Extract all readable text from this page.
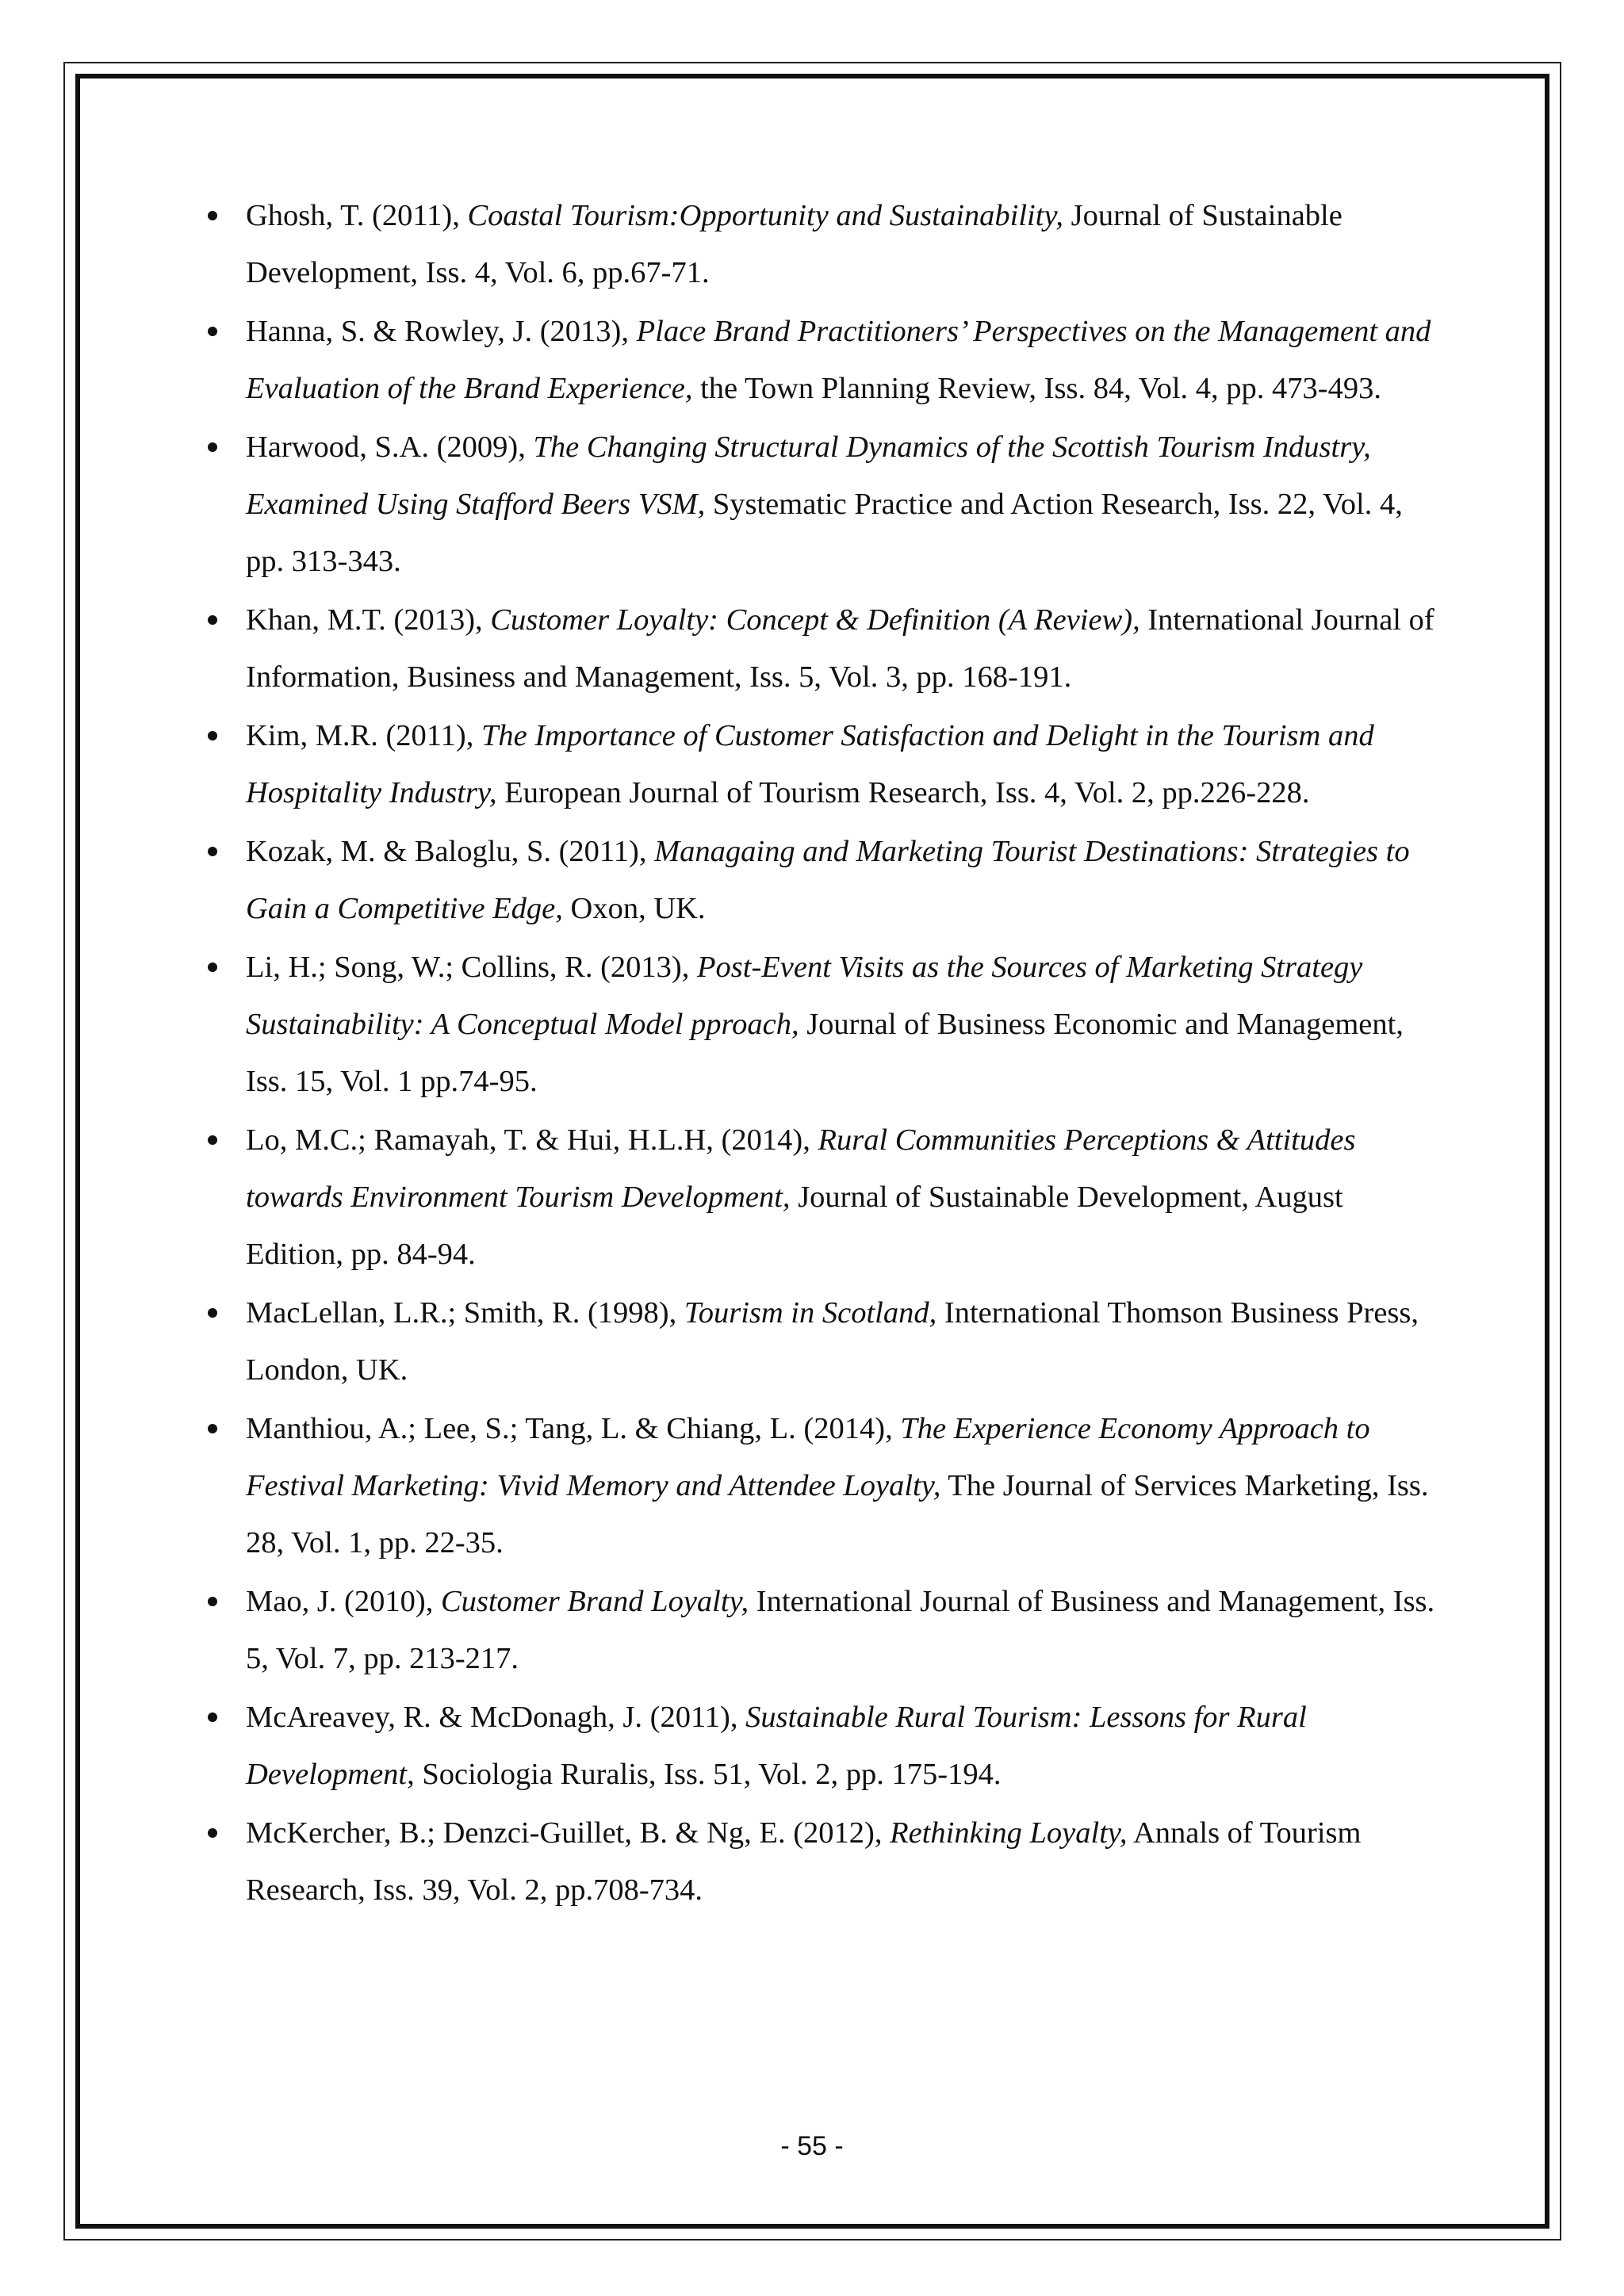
Ghosh, T. (2011), Coastal Tourism:Opportunity and Sustainability, Journal of Sustainable Development, Iss. 4, Vol. 6, pp.67-71.
Hanna, S. & Rowley, J. (2013), Place Brand Practitioners’ Perspectives on the Management and Evaluation of the Brand Experience, the Town Planning Review, Iss. 84, Vol. 4, pp. 473-493.
Harwood, S.A. (2009), The Changing Structural Dynamics of the Scottish Tourism Industry, Examined Using Stafford Beers VSM, Systematic Practice and Action Research, Iss. 22, Vol. 4, pp. 313-343.
Khan, M.T. (2013), Customer Loyalty: Concept & Definition (A Review), International Journal of Information, Business and Management, Iss. 5, Vol. 3, pp. 168-191.
Kim, M.R. (2011), The Importance of Customer Satisfaction and Delight in the Tourism and Hospitality Industry, European Journal of Tourism Research, Iss. 4, Vol. 2, pp.226-228.
Kozak, M. & Baloglu, S. (2011), Managaing and Marketing Tourist Destinations: Strategies to Gain a Competitive Edge, Oxon, UK.
Li, H.; Song, W.; Collins, R. (2013), Post-Event Visits as the Sources of Marketing Strategy Sustainability: A Conceptual Model pproach, Journal of Business Economic and Management, Iss. 15, Vol. 1 pp.74-95.
Lo, M.C.; Ramayah, T. & Hui, H.L.H, (2014), Rural Communities Perceptions & Attitudes towards Environment Tourism Development, Journal of Sustainable Development, August Edition, pp. 84-94.
MacLellan, L.R.; Smith, R. (1998), Tourism in Scotland, International Thomson Business Press, London, UK.
Manthiou, A.; Lee, S.; Tang, L. & Chiang, L. (2014), The Experience Economy Approach to Festival Marketing: Vivid Memory and Attendee Loyalty, The Journal of Services Marketing, Iss. 28, Vol. 1, pp. 22-35.
Mao, J. (2010), Customer Brand Loyalty, International Journal of Business and Management, Iss. 5, Vol. 7, pp. 213-217.
McAreavey, R. & McDonagh, J. (2011), Sustainable Rural Tourism: Lessons for Rural Development, Sociologia Ruralis, Iss. 51, Vol. 2, pp. 175-194.
McKercher, B.; Denzci-Guillet, B. & Ng, E. (2012), Rethinking Loyalty, Annals of Tourism Research, Iss. 39, Vol. 2, pp.708-734.
- 55 -
